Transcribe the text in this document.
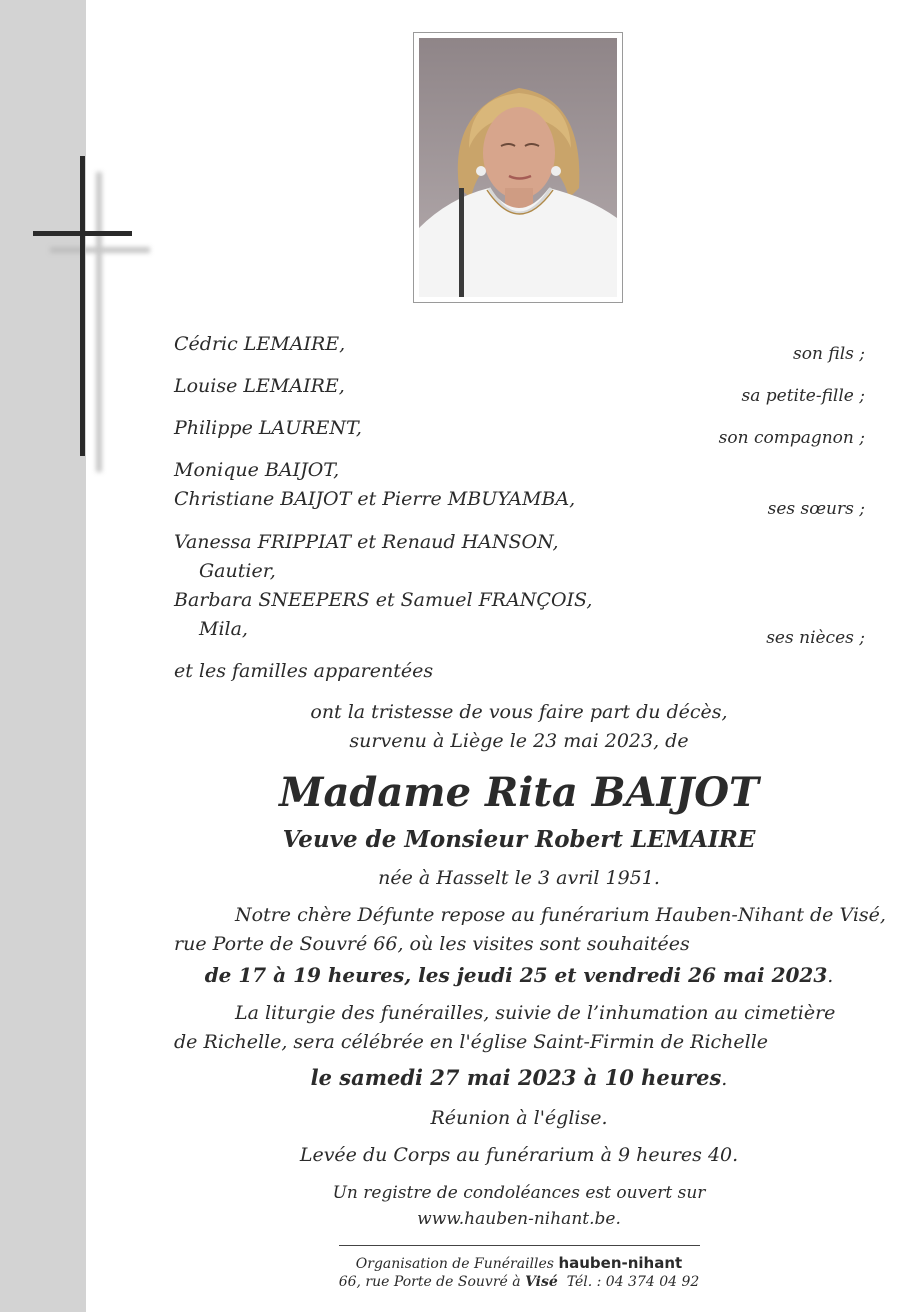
Cédric LEMAIRE,	son fils ;
Louise LEMAIRE,	sa petite-fille ;
Philippe LAURENT,	son compagnon ;
Monique BAIJOT,
Christiane BAIJOT et Pierre MBUYAMBA,	ses sœurs ;
Vanessa FRIPPIAT et Renaud HANSON,
Gautier,
Barbara SNEEPERS et Samuel FRANÇOIS,
Mila,	ses nièces ;
et les familles apparentées
ont la tristesse de vous faire part du décès,
survenu à Liège le 23 mai 2023, de
Madame Rita BAIJOT
Veuve de Monsieur Robert LEMAIRE
née à Hasselt le 3 avril 1951.
Notre chère Défunte repose au funérarium Hauben-Nihant de Visé,
rue Porte de Souvré 66, où les visites sont souhaitées
de 17 à 19 heures, les jeudi 25 et vendredi 26 mai 2023.
La liturgie des funérailles, suivie de l’inhumation au cimetière
de Richelle, sera célébrée en l'église Saint-Firmin de Richelle
le samedi 27 mai 2023 à 10 heures.
Réunion à l'église.
Levée du Corps au funérarium à 9 heures 40.
Un registre de condoléances est ouvert sur
www.hauben-nihant.be.
Organisation de Funérailles hauben-nihant
66, rue Porte de Souvré à Visé Tél. : 04 374 04 92
